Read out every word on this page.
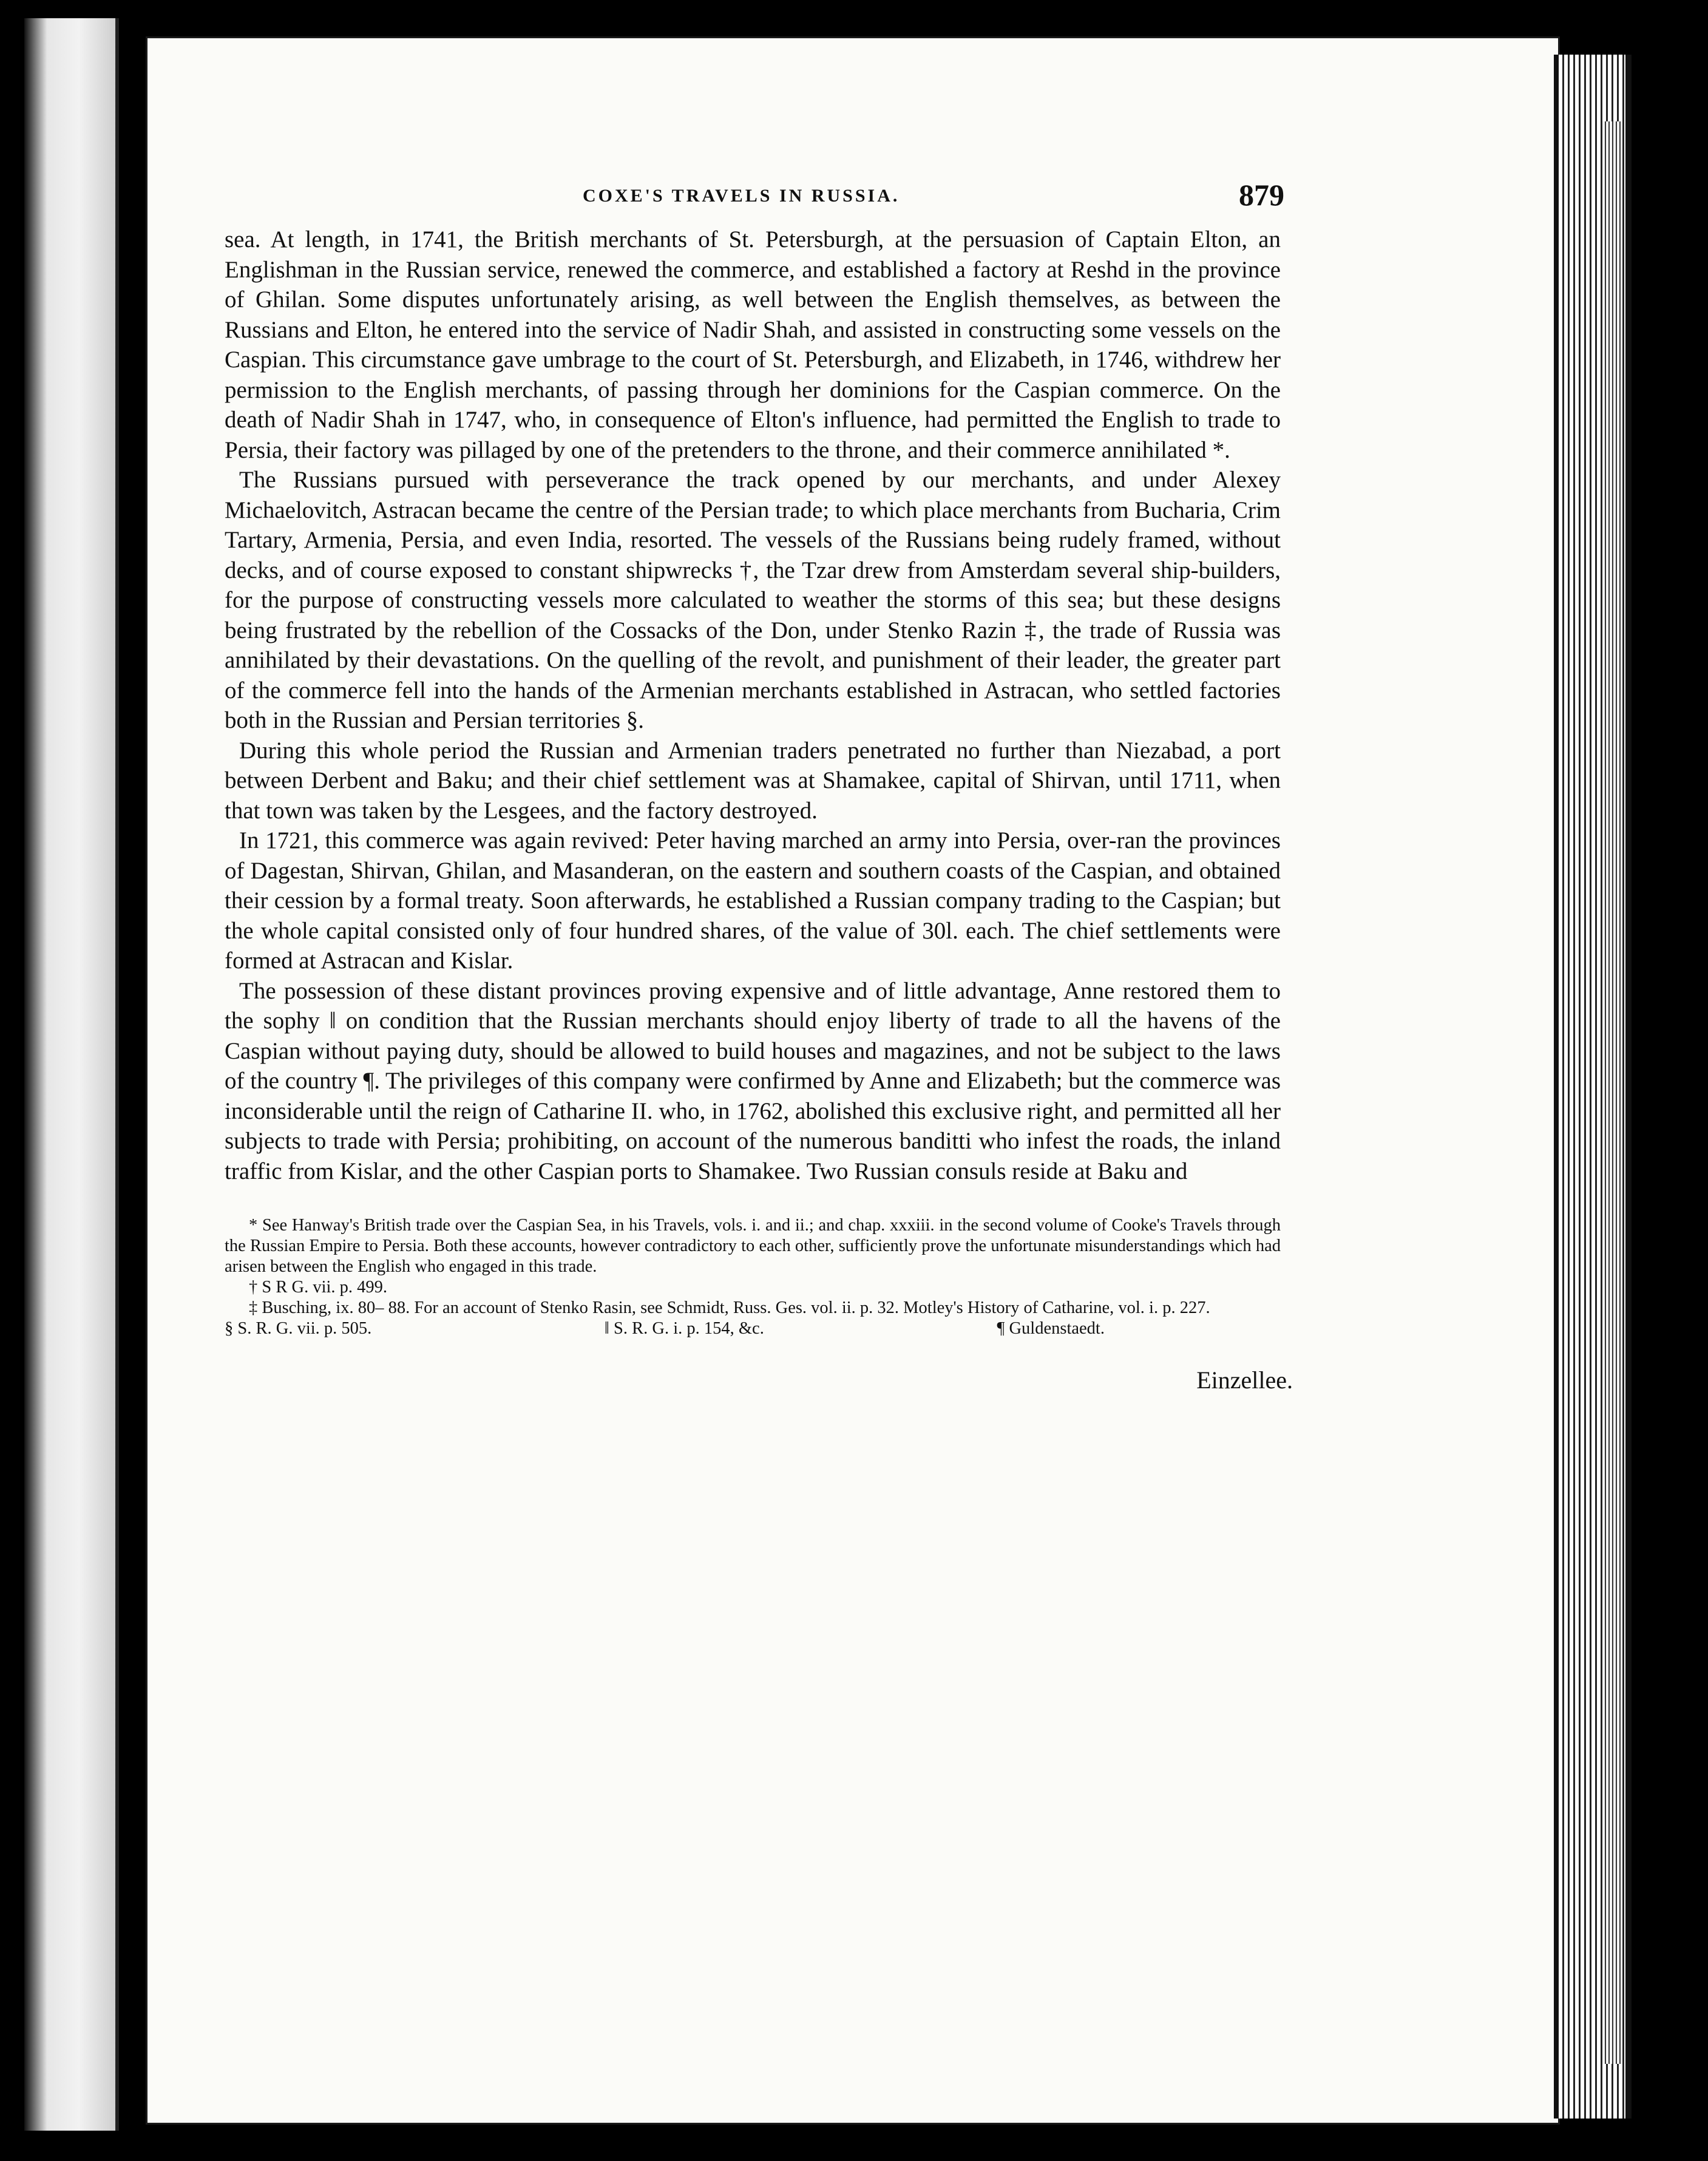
COXE'S TRAVELS IN RUSSIA.	879

sea. At length, in 1741, the British merchants of St. Petersburgh, at the persuasion of Captain Elton, an Englishman in the Russian service, renewed the commerce, and established a factory at Reshd in the province of Ghilan. Some disputes unfortunately arising, as well between the English themselves, as between the Russians and Elton, he entered into the service of Nadir Shah, and assisted in constructing some vessels on the Caspian. This circumstance gave umbrage to the court of St. Petersburgh, and Elizabeth, in 1746, withdrew her permission to the English merchants, of passing through her dominions for the Caspian commerce. On the death of Nadir Shah in 1747, who, in consequence of Elton's influence, had permitted the English to trade to Persia, their factory was pillaged by one of the pretenders to the throne, and their commerce annihilated *.

The Russians pursued with perseverance the track opened by our merchants, and under Alexey Michaelovitch, Astracan became the centre of the Persian trade; to which place merchants from Bucharia, Crim Tartary, Armenia, Persia, and even India, resorted. The vessels of the Russians being rudely framed, without decks, and of course exposed to constant shipwrecks †, the Tzar drew from Amsterdam several ship-builders, for the purpose of constructing vessels more calculated to weather the storms of this sea; but these designs being frustrated by the rebellion of the Cossacks of the Don, under Stenko Razin ‡, the trade of Russia was annihilated by their devastations. On the quelling of the revolt, and punishment of their leader, the greater part of the commerce fell into the hands of the Armenian merchants established in Astracan, who settled factories both in the Russian and Persian territories §.

During this whole period the Russian and Armenian traders penetrated no further than Niezabad, a port between Derbent and Baku; and their chief settlement was at Shamakee, capital of Shirvan, until 1711, when that town was taken by the Lesgees, and the factory destroyed.

In 1721, this commerce was again revived: Peter having marched an army into Persia, over-ran the provinces of Dagestan, Shirvan, Ghilan, and Masanderan, on the eastern and southern coasts of the Caspian, and obtained their cession by a formal treaty. Soon afterwards, he established a Russian company trading to the Caspian; but the whole capital consisted only of four hundred shares, of the value of 30l. each. The chief settlements were formed at Astracan and Kislar.

The possession of these distant provinces proving expensive and of little advantage, Anne restored them to the sophy ‖ on condition that the Russian merchants should enjoy liberty of trade to all the havens of the Caspian without paying duty, should be allowed to build houses and magazines, and not be subject to the laws of the country ¶. The privileges of this company were confirmed by Anne and Elizabeth; but the commerce was inconsiderable until the reign of Catharine II. who, in 1762, abolished this exclusive right, and permitted all her subjects to trade with Persia; prohibiting, on account of the numerous banditti who infest the roads, the inland traffic from Kislar, and the other Caspian ports to Shamakee. Two Russian consuls reside at Baku and

* See Hanway's British trade over the Caspian Sea, in his Travels, vols. i. and ii.; and chap. xxxiii. in the second volume of Cooke's Travels through the Russian Empire to Persia. Both these accounts, however contradictory to each other, sufficiently prove the unfortunate misunderstandings which had arisen between the English who engaged in this trade.

† S R G. vii. p. 499.

‡ Busching, ix. 80– 88. For an account of Stenko Rasin, see Schmidt, Russ. Ges. vol. ii. p. 32. Motley's History of Catharine, vol. i. p. 227.

§ S. R. G. vii. p. 505.	‖ S. R. G. i. p. 154, &c.	¶ Guldenstaedt.
Einzellee.
